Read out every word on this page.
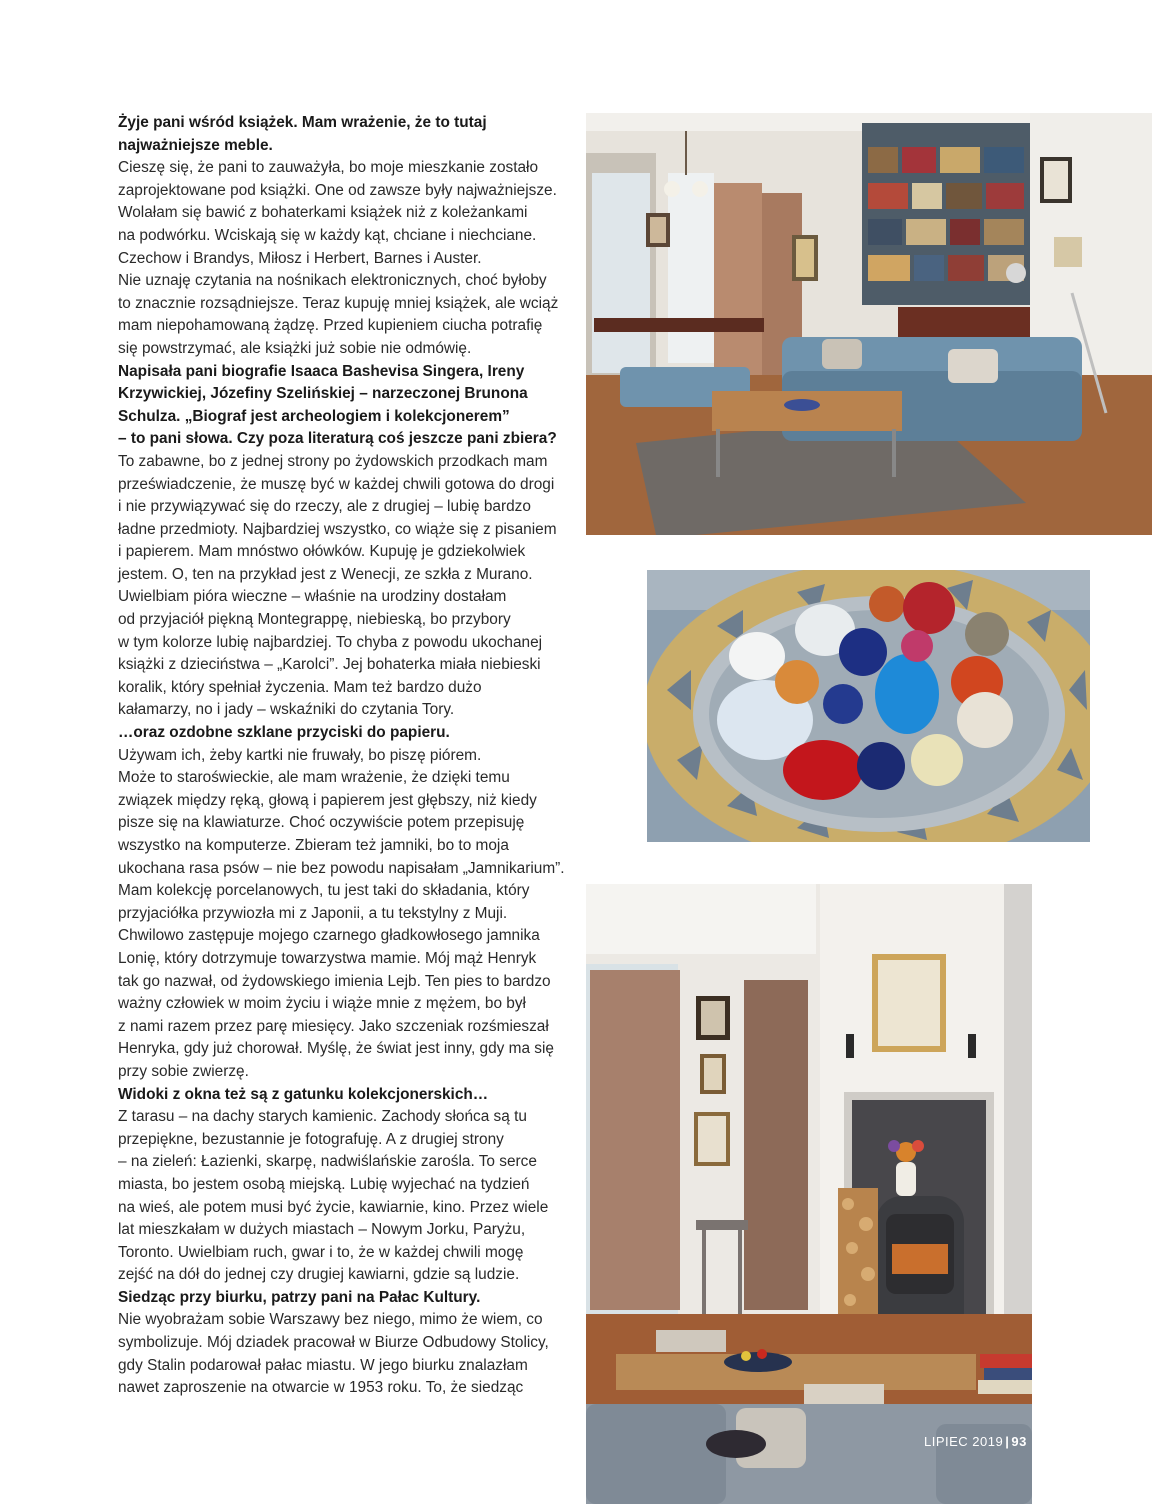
Żyje pani wśród książek. Mam wrażenie, że to tutaj

najważniejsze meble.

Cieszę się, że pani to zauważyła, bo moje mieszkanie zostało

zaprojektowane pod książki. One od zawsze były najważniejsze.

Wolałam się bawić z bohaterkami książek niż z koleżankami

na podwórku. Wciskają się w każdy kąt, chciane i niechciane.

Czechow i Brandys, Miłosz i Herbert, Barnes i Auster.

Nie uznaję czytania na nośnikach elektronicznych, choć byłoby

to znacznie rozsądniejsze. Teraz kupuję mniej książek, ale wciąż

mam niepohamowaną żądzę. Przed kupieniem ciucha potrafię

się powstrzymać, ale książki już sobie nie odmówię.

Napisała pani biografie Isaaca Bashevisa Singera, Ireny

Krzywickiej, Józefiny Szelińskiej – narzeczonej Brunona

Schulza. „Biograf jest archeologiem i kolekcjonerem”

– to pani słowa. Czy poza literaturą coś jeszcze pani zbiera?

To zabawne, bo z jednej strony po żydowskich przodkach mam

przeświadczenie, że muszę być w każdej chwili gotowa do drogi

i nie przywiązywać się do rzeczy, ale z drugiej – lubię bardzo

ładne przedmioty. Najbardziej wszystko, co wiąże się z pisaniem

i papierem. Mam mnóstwo ołówków. Kupuję je gdziekolwiek

jestem. O, ten na przykład jest z Wenecji, ze szkła z Murano.

Uwielbiam pióra wieczne – właśnie na urodziny dostałam

od przyjaciół piękną Montegrappę, niebieską, bo przybory

w tym kolorze lubię najbardziej. To chyba z powodu ukochanej

książki z dzieciństwa – „Karolci”. Jej bohaterka miała niebieski

koralik, który spełniał życzenia. Mam też bardzo dużo

kałamarzy, no i jady – wskaźniki do czytania Tory.

…oraz ozdobne szklane przyciski do papieru.

Używam ich, żeby kartki nie fruwały, bo piszę piórem.

Może to staroświeckie, ale mam wrażenie, że dzięki temu

związek między ręką, głową i papierem jest głębszy, niż kiedy

pisze się na klawiaturze. Choć oczywiście potem przepisuję

wszystko na komputerze. Zbieram też jamniki, bo to moja

ukochana rasa psów – nie bez powodu napisałam „Jamnikarium”.

Mam kolekcję porcelanowych, tu jest taki do składania, który

przyjaciółka przywiozła mi z Japonii, a tu tekstylny z Muji.

Chwilowo zastępuje mojego czarnego gładkowłosego jamnika

Lonię, który dotrzymuje towarzystwa mamie. Mój mąż Henryk

tak go nazwał, od żydowskiego imienia Lejb. Ten pies to bardzo

ważny człowiek w moim życiu i wiąże mnie z mężem, bo był

z nami razem przez parę miesięcy. Jako szczeniak rozśmieszał

Henryka, gdy już chorował. Myślę, że świat jest inny, gdy ma się

przy sobie zwierzę.

Widoki z okna też są z gatunku kolekcjonerskich…

Z tarasu – na dachy starych kamienic. Zachody słońca są tu

przepiękne, bezustannie je fotografuję. A z drugiej strony

– na zieleń: Łazienki, skarpę, nadwiślańskie zarośla. To serce

miasta, bo jestem osobą miejską. Lubię wyjechać na tydzień

na wieś, ale potem musi być życie, kawiarnie, kino. Przez wiele

lat mieszkałam w dużych miastach – Nowym Jorku, Paryżu,

Toronto. Uwielbiam ruch, gwar i to, że w każdej chwili mogę

zejść na dół do jednej czy drugiej kawiarni, gdzie są ludzie.

Siedząc przy biurku, patrzy pani na Pałac Kultury.

Nie wyobrażam sobie Warszawy bez niego, mimo że wiem, co

symbolizuje. Mój dziadek pracował w Biurze Odbudowy Stolicy,

gdy Stalin podarował pałac miastu. W jego biurku znalazłam

nawet zaproszenie na otwarcie w 1953 roku. To, że siedząc

LIPIEC 2019 | 93
